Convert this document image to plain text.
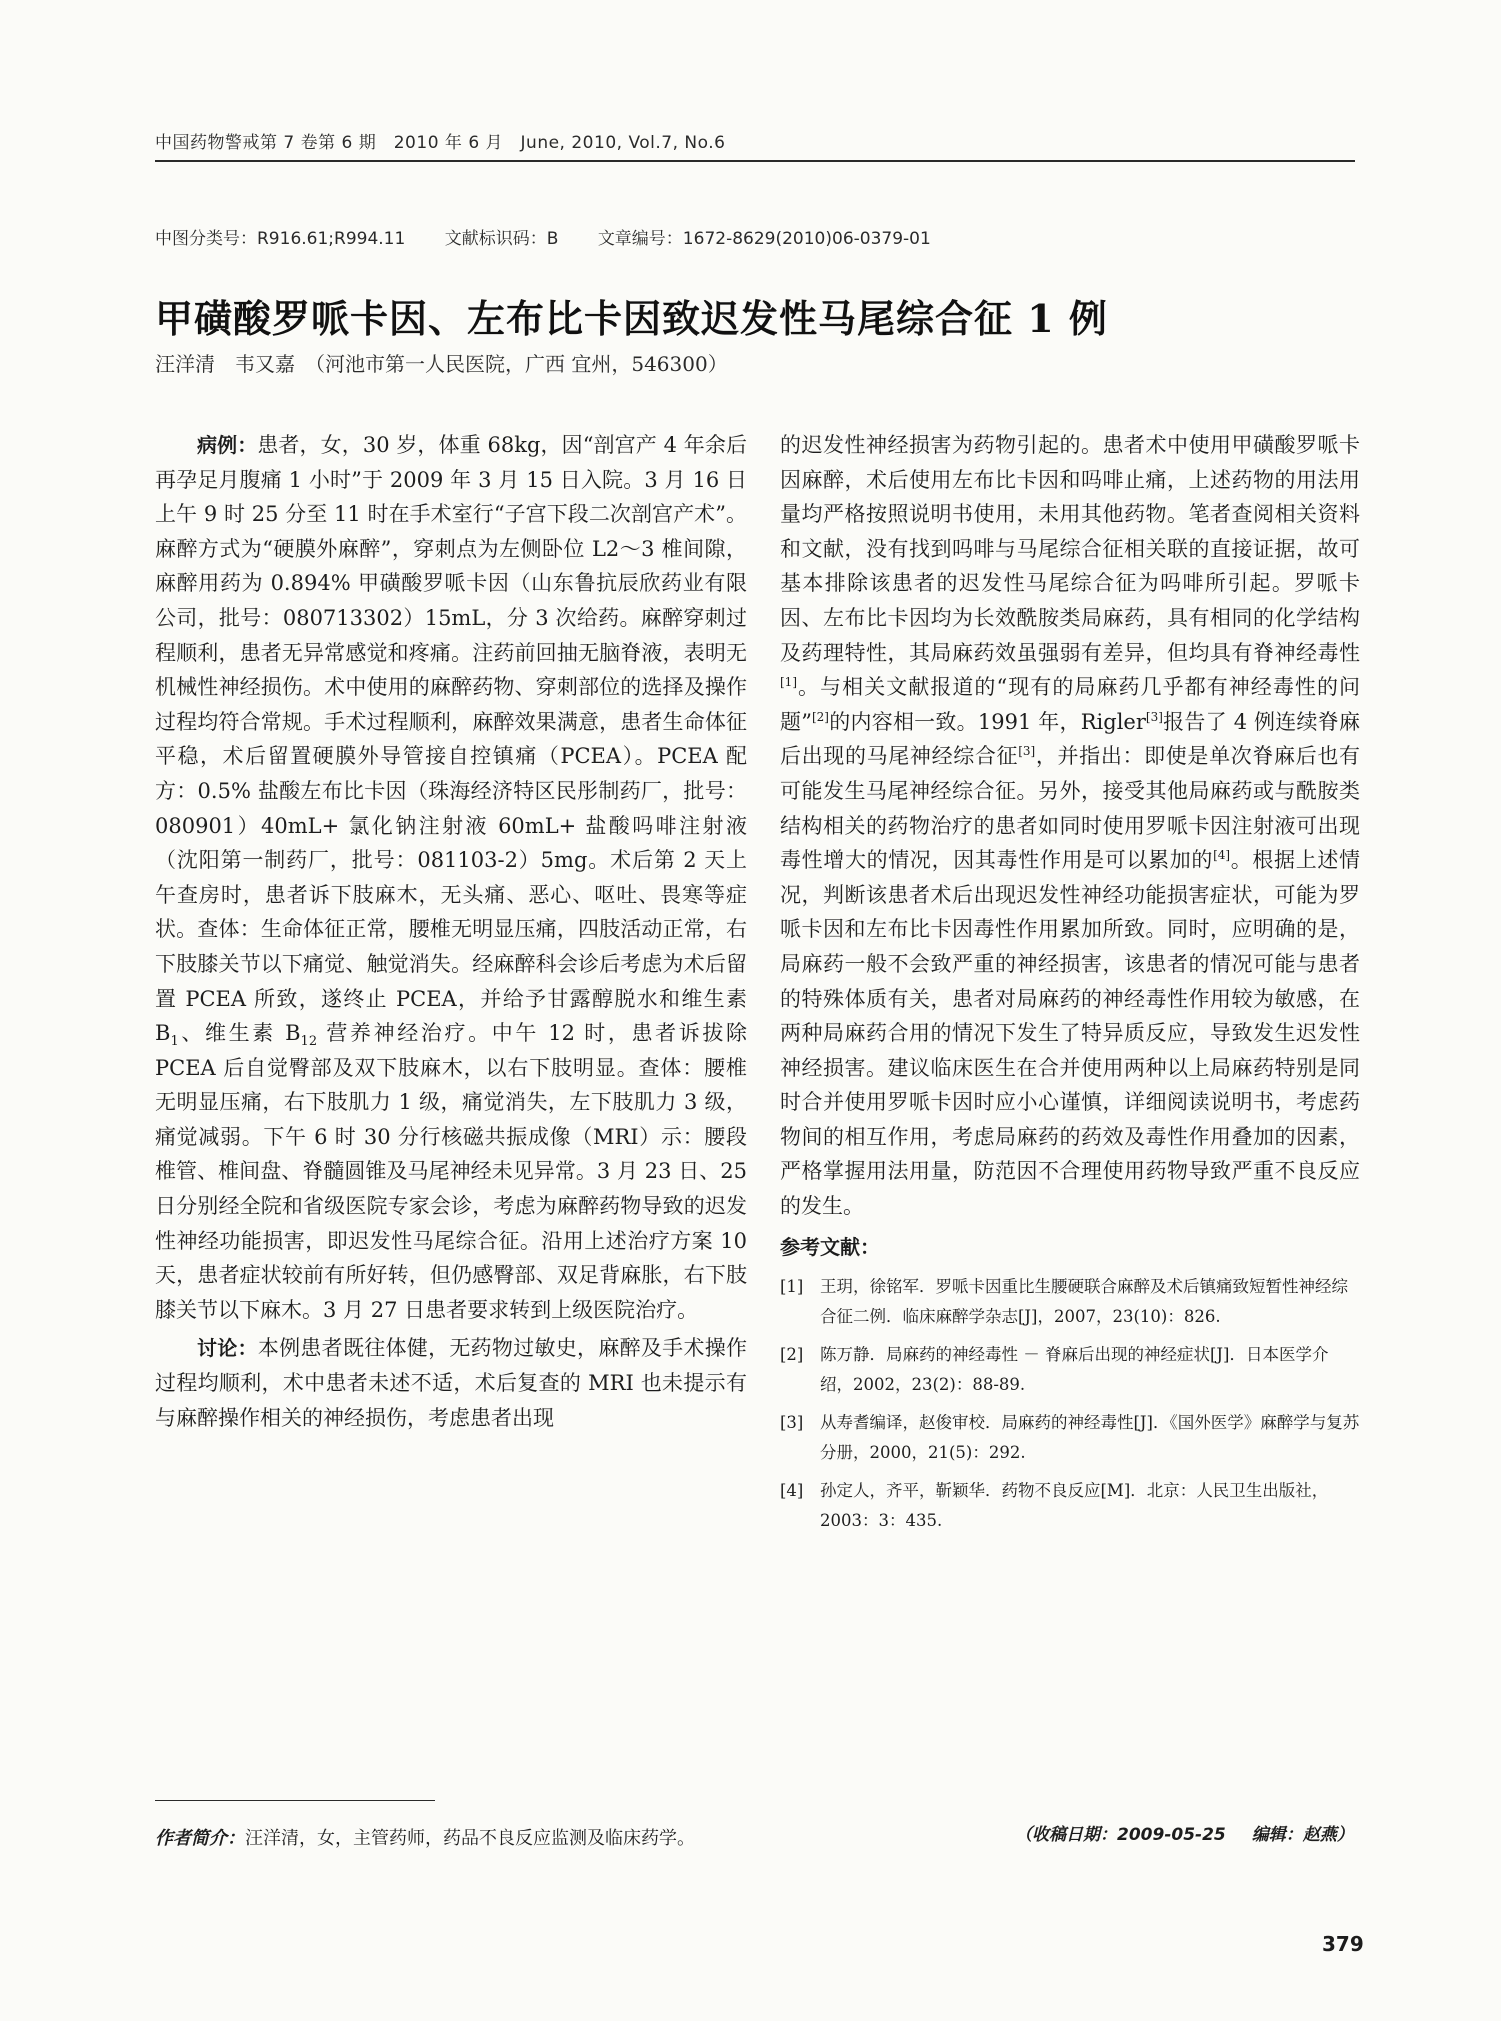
中国药物警戒第 7 卷第 6 期　2010 年 6 月　June, 2010, Vol.7, No.6
中图分类号：R916.61;R994.11 文献标识码：B 文章编号：1672-8629(2010)06-0379-01
甲磺酸罗哌卡因、左布比卡因致迟发性马尾综合征 1 例
汪洋清　韦又嘉　（河池市第一人民医院，广西 宜州，546300）

病例：患者，女，30 岁，体重 68kg，因“剖宫产 4 年余后再孕足月腹痛 1 小时”于 2009 年 3 月 15 日入院。3 月 16 日上午 9 时 25 分至 11 时在手术室行“子宫下段二次剖宫产术”。麻醉方式为“硬膜外麻醉”，穿刺点为左侧卧位 L2～3 椎间隙，麻醉用药为 0.894% 甲磺酸罗哌卡因（山东鲁抗辰欣药业有限公司，批号：080713302）15mL，分 3 次给药。麻醉穿刺过程顺利，患者无异常感觉和疼痛。注药前回抽无脑脊液，表明无机械性神经损伤。术中使用的麻醉药物、穿刺部位的选择及操作过程均符合常规。手术过程顺利，麻醉效果满意，患者生命体征平稳，术后留置硬膜外导管接自控镇痛（PCEA）。PCEA 配方：0.5% 盐酸左布比卡因（珠海经济特区民彤制药厂，批号：080901）40mL+ 氯化钠注射液 60mL+ 盐酸吗啡注射液（沈阳第一制药厂，批号：081103-2）5mg。术后第 2 天上午查房时，患者诉下肢麻木，无头痛、恶心、呕吐、畏寒等症状。查体：生命体征正常，腰椎无明显压痛，四肢活动正常，右下肢膝关节以下痛觉、触觉消失。经麻醉科会诊后考虑为术后留置 PCEA 所致，遂终止 PCEA，并给予甘露醇脱水和维生素 $B_1$、维生素 $B_{12}$ 营养神经治疗。中午 12 时，患者诉拔除 PCEA 后自觉臀部及双下肢麻木，以右下肢明显。查体：腰椎无明显压痛，右下肢肌力 1 级，痛觉消失，左下肢肌力 3 级，痛觉减弱。下午 6 时 30 分行核磁共振成像（MRI）示：腰段椎管、椎间盘、脊髓圆锥及马尾神经未见异常。3 月 23 日、25 日分别经全院和省级医院专家会诊，考虑为麻醉药物导致的迟发性神经功能损害，即迟发性马尾综合征。沿用上述治疗方案 10 天，患者症状较前有所好转，但仍感臀部、双足背麻胀，右下肢膝关节以下麻木。3 月 27 日患者要求转到上级医院治疗。

讨论：本例患者既往体健，无药物过敏史，麻醉及手术操作过程均顺利，术中患者未述不适，术后复查的 MRI 也未提示有与麻醉操作相关的神经损伤，考虑患者出现

的迟发性神经损害为药物引起的。患者术中使用甲磺酸罗哌卡因麻醉，术后使用左布比卡因和吗啡止痛，上述药物的用法用量均严格按照说明书使用，未用其他药物。笔者查阅相关资料和文献，没有找到吗啡与马尾综合征相关联的直接证据，故可基本排除该患者的迟发性马尾综合征为吗啡所引起。罗哌卡因、左布比卡因均为长效酰胺类局麻药，具有相同的化学结构及药理特性，其局麻药效虽强弱有差异，但均具有脊神经毒性[1]。与相关文献报道的“现有的局麻药几乎都有神经毒性的问题”[2]的内容相一致。1991 年，Rigler[3]报告了 4 例连续脊麻后出现的马尾神经综合征[3]，并指出：即使是单次脊麻后也有可能发生马尾神经综合征。另外，接受其他局麻药或与酰胺类结构相关的药物治疗的患者如同时使用罗哌卡因注射液可出现毒性增大的情况，因其毒性作用是可以累加的[4]。根据上述情况，判断该患者术后出现迟发性神经功能损害症状，可能为罗哌卡因和左布比卡因毒性作用累加所致。同时，应明确的是，局麻药一般不会致严重的神经损害，该患者的情况可能与患者的特殊体质有关，患者对局麻药的神经毒性作用较为敏感，在两种局麻药合用的情况下发生了特异质反应，导致发生迟发性神经损害。建议临床医生在合并使用两种以上局麻药特别是同时合并使用罗哌卡因时应小心谨慎，详细阅读说明书，考虑药物间的相互作用，考虑局麻药的药效及毒性作用叠加的因素，严格掌握用法用量，防范因不合理使用药物导致严重不良反应的发生。

参考文献：
[1] 王玥，徐铭军．罗哌卡因重比生腰硬联合麻醉及术后镇痛致短暂性神经综合征二例．临床麻醉学杂志[J]，2007，23(10)：826.
[2] 陈万静．局麻药的神经毒性 － 脊麻后出现的神经症状[J]．日本医学介绍，2002，23(2)：88-89.
[3] 从寿耆编译，赵俊审校．局麻药的神经毒性[J]．《国外医学》麻醉学与复苏分册，2000，21(5)：292.
[4] 孙定人，齐平，靳颖华．药物不良反应[M]．北京：人民卫生出版社，2003：3：435.
作者简介：汪洋清，女，主管药师，药品不良反应监测及临床药学。	（收稿日期：2009-05-25 编辑：赵燕）
379
